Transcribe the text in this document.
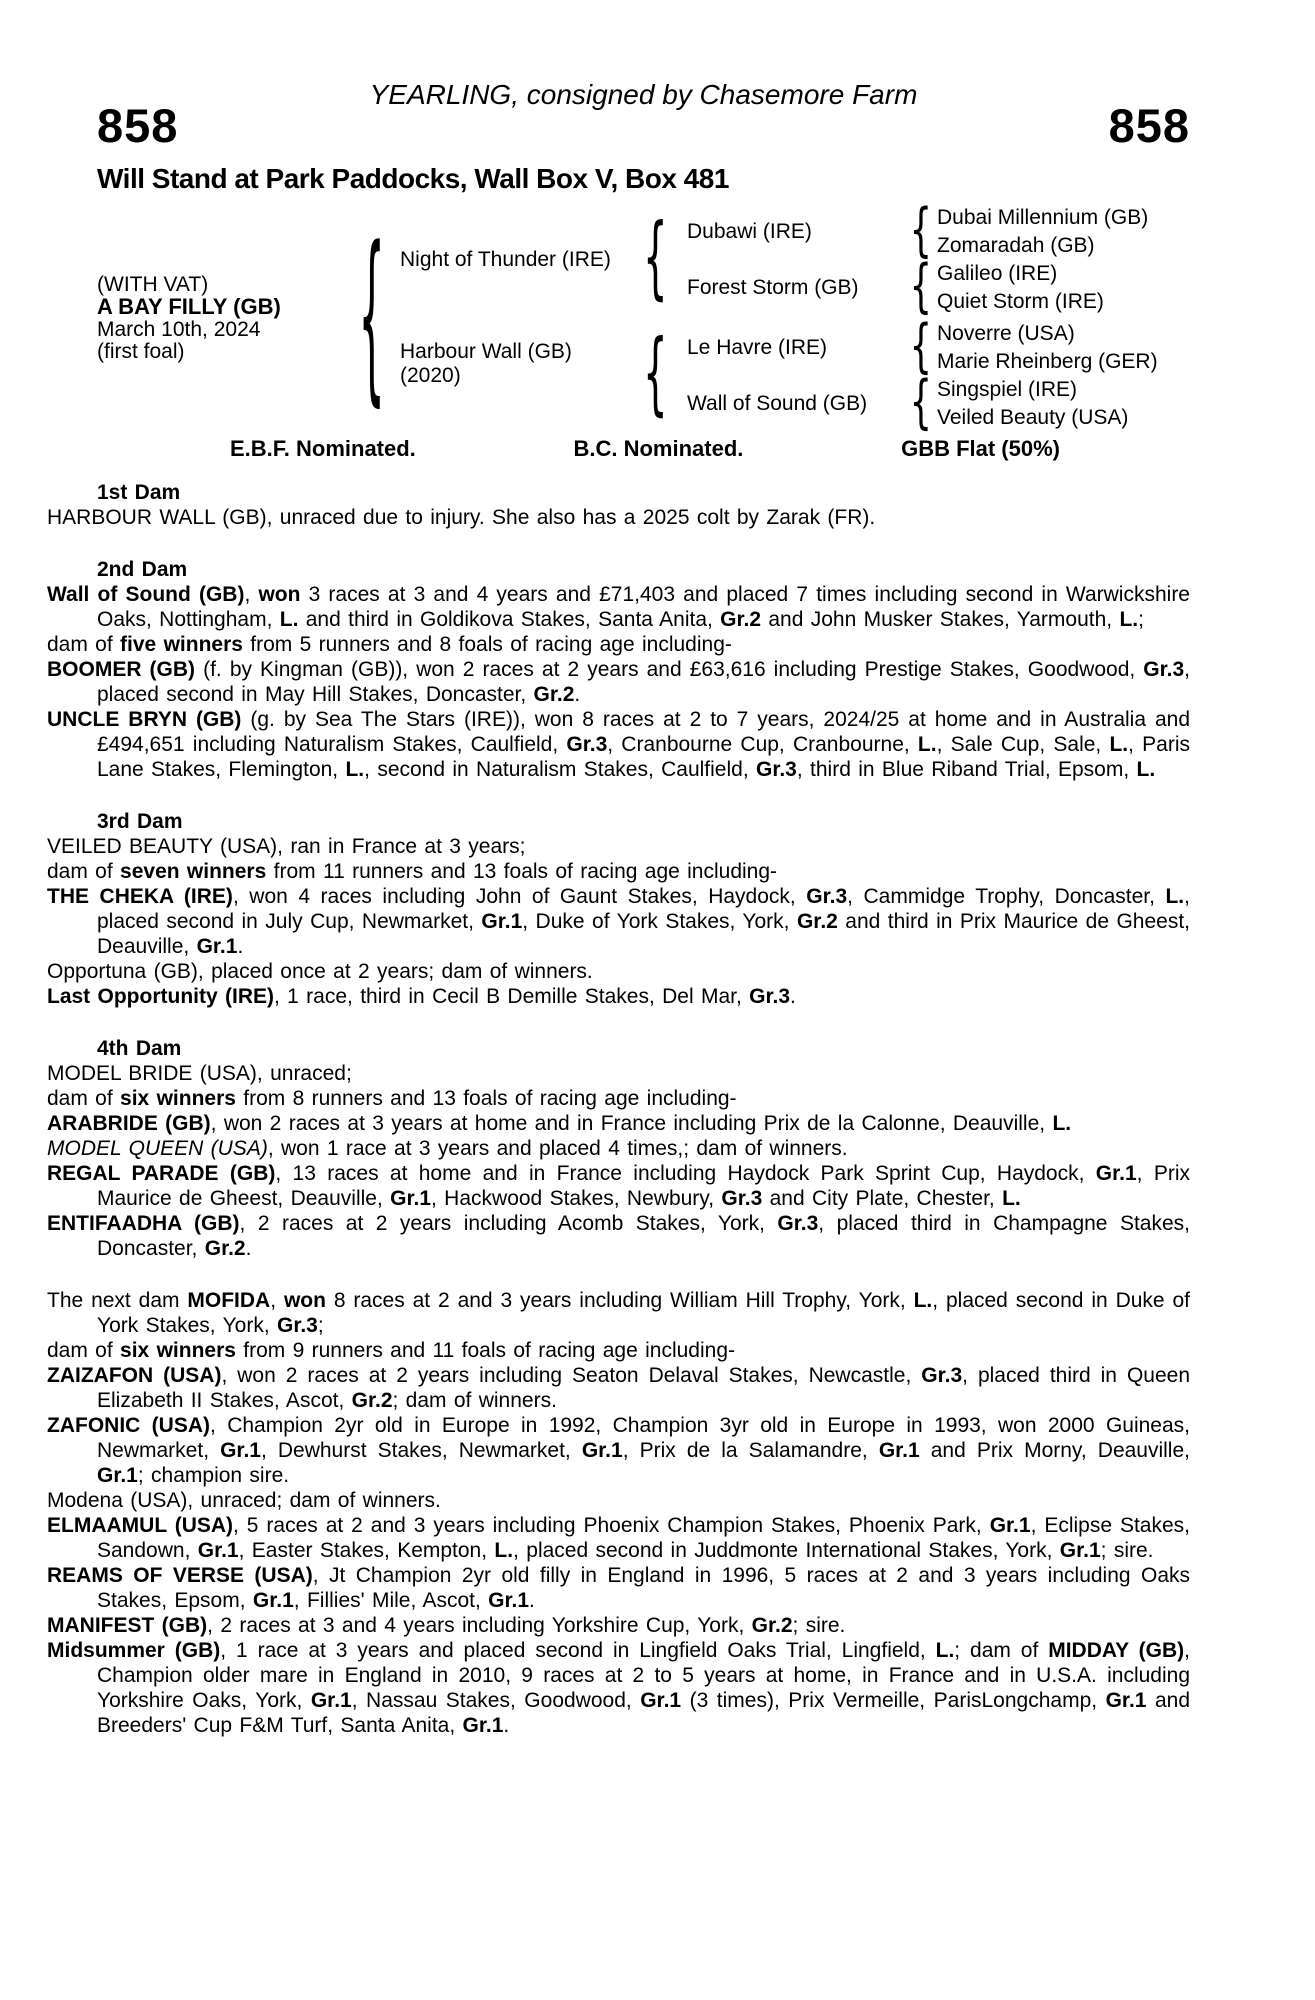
YEARLING, consigned by Chasemore Farm
858	858
Will Stand at Park Paddocks, Wall Box V, Box 481
(WITH VAT)
A BAY FILLY (GB)
March 10th, 2024
(first foal)
{
Night of Thunder (IRE)
Harbour Wall (GB)
(2020)
{
{
Dubawi (IRE)
Forest Storm (GB)
Le Havre (IRE)
Wall of Sound (GB)
{
{
{
{
Dubai Millennium (GB)
Zomaradah (GB)
Galileo (IRE)
Quiet Storm (IRE)
Noverre (USA)
Marie Rheinberg (GER)
Singspiel (IRE)
Veiled Beauty (USA)
E.B.F. Nominated.	B.C. Nominated.	GBB Flat (50%)
1st Dam

HARBOUR WALL (GB), unraced due to injury. She also has a 2025 colt by Zarak (FR).

2nd Dam

Wall of Sound (GB), won 3 races at 3 and 4 years and £71,403 and placed 7 times including second in Warwickshire Oaks, Nottingham, L. and third in Goldikova Stakes, Santa Anita, Gr.2 and John Musker Stakes, Yarmouth, L.;

dam of five winners from 5 runners and 8 foals of racing age including-

BOOMER (GB) (f. by Kingman (GB)), won 2 races at 2 years and £63,616 including Prestige Stakes, Goodwood, Gr.3, placed second in May Hill Stakes, Doncaster, Gr.2.

UNCLE BRYN (GB) (g. by Sea The Stars (IRE)), won 8 races at 2 to 7 years, 2024/25 at home and in Australia and £494,651 including Naturalism Stakes, Caulfield, Gr.3, Cranbourne Cup, Cranbourne, L., Sale Cup, Sale, L., Paris Lane Stakes, Flemington, L., second in Naturalism Stakes, Caulfield, Gr.3, third in Blue Riband Trial, Epsom, L.

3rd Dam

VEILED BEAUTY (USA), ran in France at 3 years;

dam of seven winners from 11 runners and 13 foals of racing age including-

THE CHEKA (IRE), won 4 races including John of Gaunt Stakes, Haydock, Gr.3, Cammidge Trophy, Doncaster, L., placed second in July Cup, Newmarket, Gr.1, Duke of York Stakes, York, Gr.2 and third in Prix Maurice de Gheest, Deauville, Gr.1.

Opportuna (GB), placed once at 2 years; dam of winners.

Last Opportunity (IRE), 1 race, third in Cecil B Demille Stakes, Del Mar, Gr.3.

4th Dam

MODEL BRIDE (USA), unraced;

dam of six winners from 8 runners and 13 foals of racing age including-

ARABRIDE (GB), won 2 races at 3 years at home and in France including Prix de la Calonne, Deauville, L.

MODEL QUEEN (USA), won 1 race at 3 years and placed 4 times,; dam of winners.

REGAL PARADE (GB), 13 races at home and in France including Haydock Park Sprint Cup, Haydock, Gr.1, Prix Maurice de Gheest, Deauville, Gr.1, Hackwood Stakes, Newbury, Gr.3 and City Plate, Chester, L.

ENTIFAADHA (GB), 2 races at 2 years including Acomb Stakes, York, Gr.3, placed third in Champagne Stakes, Doncaster, Gr.2.

The next dam MOFIDA, won 8 races at 2 and 3 years including William Hill Trophy, York, L., placed second in Duke of York Stakes, York, Gr.3;

dam of six winners from 9 runners and 11 foals of racing age including-

ZAIZAFON (USA), won 2 races at 2 years including Seaton Delaval Stakes, Newcastle, Gr.3, placed third in Queen Elizabeth II Stakes, Ascot, Gr.2; dam of winners.

ZAFONIC (USA), Champion 2yr old in Europe in 1992, Champion 3yr old in Europe in 1993, won 2000 Guineas, Newmarket, Gr.1, Dewhurst Stakes, Newmarket, Gr.1, Prix de la Salamandre, Gr.1 and Prix Morny, Deauville, Gr.1; champion sire.

Modena (USA), unraced; dam of winners.

ELMAAMUL (USA), 5 races at 2 and 3 years including Phoenix Champion Stakes, Phoenix Park, Gr.1, Eclipse Stakes, Sandown, Gr.1, Easter Stakes, Kempton, L., placed second in Juddmonte International Stakes, York, Gr.1; sire.

REAMS OF VERSE (USA), Jt Champion 2yr old filly in England in 1996, 5 races at 2 and 3 years including Oaks Stakes, Epsom, Gr.1, Fillies' Mile, Ascot, Gr.1.

MANIFEST (GB), 2 races at 3 and 4 years including Yorkshire Cup, York, Gr.2; sire.

Midsummer (GB), 1 race at 3 years and placed second in Lingfield Oaks Trial, Lingfield, L.; dam of MIDDAY (GB), Champion older mare in England in 2010, 9 races at 2 to 5 years at home, in France and in U.S.A. including Yorkshire Oaks, York, Gr.1, Nassau Stakes, Goodwood, Gr.1 (3 times), Prix Vermeille, ParisLongchamp, Gr.1 and Breeders' Cup F&M Turf, Santa Anita, Gr.1.
